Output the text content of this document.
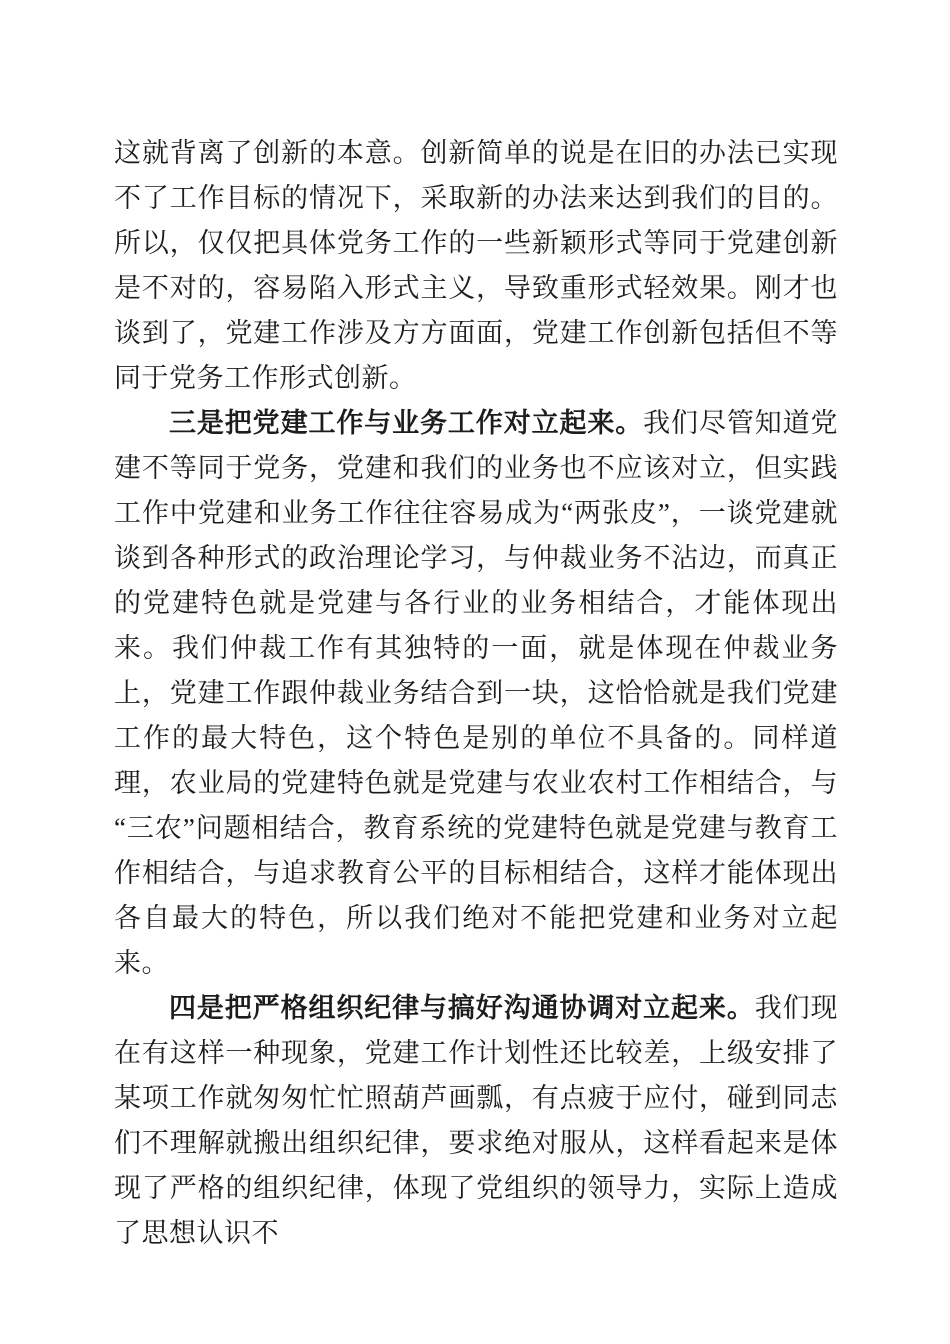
这就背离了创新的本意。创新简单的说是在旧的办法已实现不了工作目标的情况下，采取新的办法来达到我们的目的。所以，仅仅把具体党务工作的一些新颖形式等同于党建创新是不对的，容易陷入形式主义，导致重形式轻效果。刚才也谈到了，党建工作涉及方方面面，党建工作创新包括但不等同于党务工作形式创新。

三是把党建工作与业务工作对立起来。我们尽管知道党建不等同于党务，党建和我们的业务也不应该对立，但实践工作中党建和业务工作往往容易成为“两张皮”，一谈党建就谈到各种形式的政治理论学习，与仲裁业务不沾边，而真正的党建特色就是党建与各行业的业务相结合，才能体现出来。我们仲裁工作有其独特的一面，就是体现在仲裁业务上，党建工作跟仲裁业务结合到一块，这恰恰就是我们党建工作的最大特色，这个特色是别的单位不具备的。同样道理，农业局的党建特色就是党建与农业农村工作相结合，与“三农”问题相结合，教育系统的党建特色就是党建与教育工作相结合，与追求教育公平的目标相结合，这样才能体现出各自最大的特色，所以我们绝对不能把党建和业务对立起来。

四是把严格组织纪律与搞好沟通协调对立起来。我们现在有这样一种现象，党建工作计划性还比较差，上级安排了某项工作就匆匆忙忙照葫芦画瓢，有点疲于应付，碰到同志们不理解就搬出组织纪律，要求绝对服从，这样看起来是体现了严格的组织纪律，体现了党组织的领导力，实际上造成了思想认识不
